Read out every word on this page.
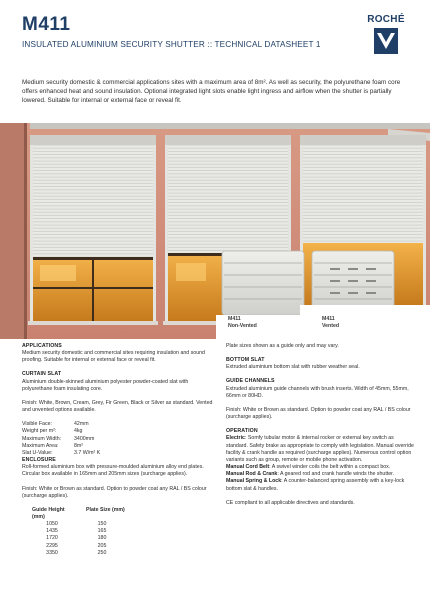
M411
INSULATED ALUMINIUM SECURITY SHUTTER :: TECHNICAL DATASHEET 1
ROCHÉ

Medium security domestic & commercial applications sites with a maximum area of 8m². As well as security, the polyurethane foam core offers enhanced heat and sound insulation. Optional integrated light slots enable light ingress and airflow when the shutter is partially lowered. Suitable for internal or external face or reveal fit.

M411
Non-Vented
M411
Vented
APPLICATIONS
Medium security domestic and commercial sites requiring insulation and sound proofing. Suitable for internal or external face or reveal fit.
CURTAIN SLAT
Aluminium double-skinned aluminium polyester powder-coated slat with polyurethane foam insulating core.
Finish: White, Brown, Cream, Grey, Fir Green, Black or Silver as standard. Vented and unvented options available.
Visible Face:	42mm
Weight per m²:	4kg
Maximum Width:	3400mm
Maximum Area:	8m²
Slat U-Value:	3.7 W/m² K
ENCLOSURE
Roll-formed aluminium box with pressure-moulded aluminium alloy end plates. Circular box available in 165mm and 205mm sizes (surcharge applies).
Finish: White or Brown as standard. Option to powder coat any RAL / BS colour (surcharge applies).
Guide Height (mm)
Plate Size (mm)
1050	150
1435	165
1720	180
2295	205
3350	250
Plate sizes shown as a guide only and may vary.
BOTTOM SLAT
Extruded aluminium bottom slat with rubber weather seal.
GUIDE CHANNELS
Extruded aluminium guide channels with brush inserts. Width of 45mm, 55mm, 66mm or 80HD.
Finish: White or Brown as standard. Option to powder coat any RAL / BS colour (surcharge applies).
OPERATION
Electric: Somfy tubular motor & internal rocker or external key switch as standard. Safety brake as appropriate to comply with legislation. Manual override facility & crank handle as required (surcharge applies). Numerous control option variants such as group, remote or mobile phone activation.
Manual Cord Belt: A swivel winder coils the belt within a compact box.
Manual Rod & Crank: A geared rod and crank handle winds the shutter.
Manual Spring & Lock: A counter-balanced spring assembly with a key-lock bottom slat & handles.
CE compliant to all applicable directives and standards.
